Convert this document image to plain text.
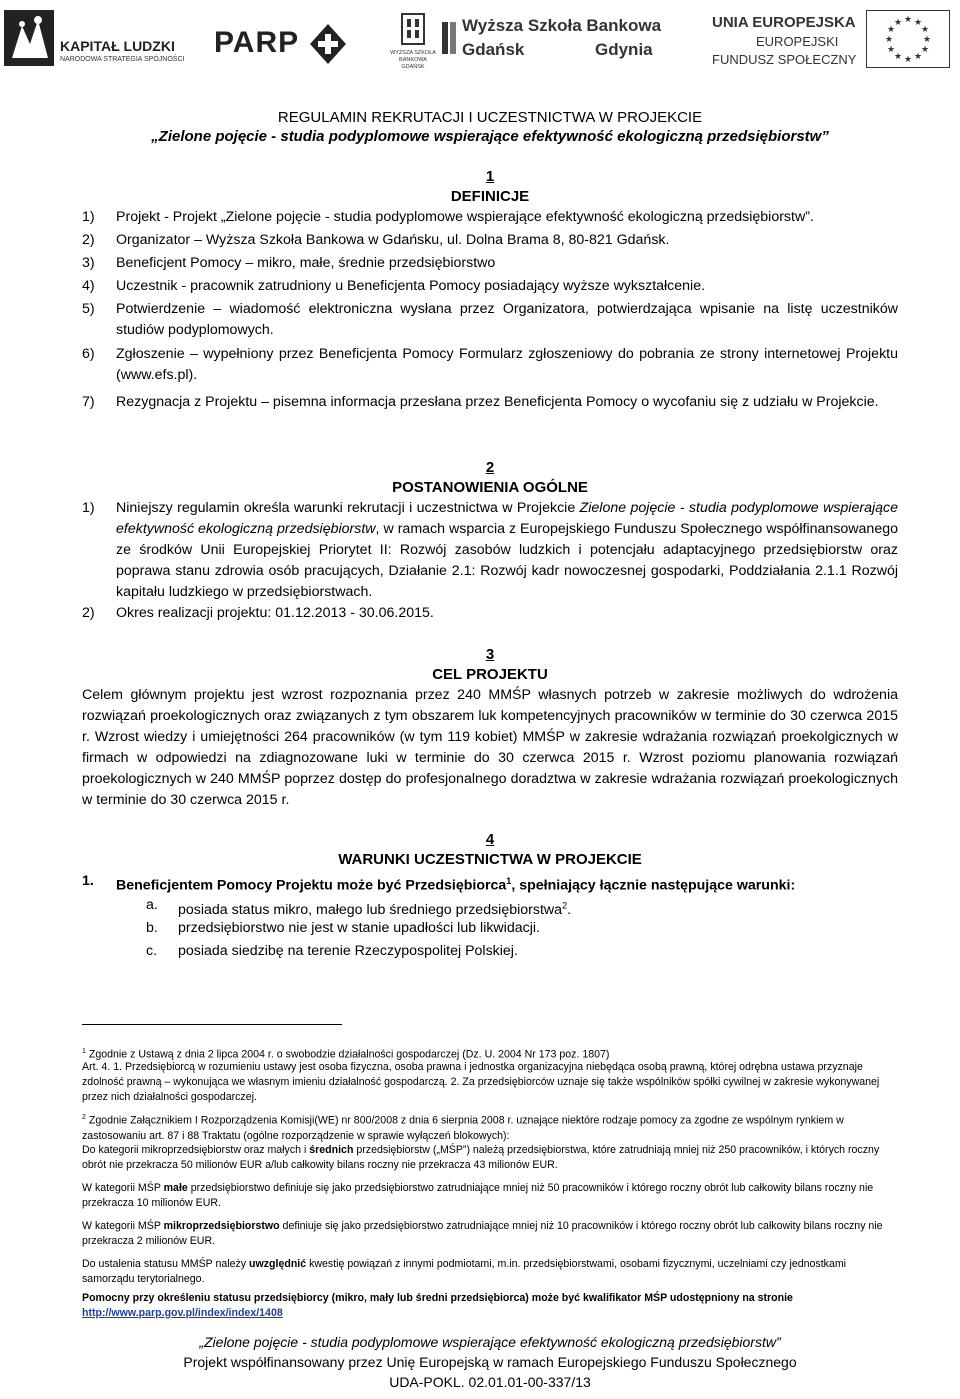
KAPITAŁ LUDZKI
NARODOWA STRATEGIA SPÓJNOŚCI
PARP	WYŻSZA SZKOŁA BANKOWA GDAŃSK
Wyższa Szkoła Bankowa
Gdańsk	Gdynia
UNIA EUROPEJSKA
EUROPEJSKI
FUNDUSZ SPOŁECZNY
★ ★
★
★
★
★
★
★
★
★
★
★
REGULAMIN REKRUTACJI I UCZESTNICTWA W PROJEKCIE
„Zielone pojęcie - studia podyplomowe wspierające efektywność ekologiczną przedsiębiorstw”
1
DEFINICJE
1) Projekt - Projekt „Zielone pojęcie - studia podyplomowe wspierające efektywność ekologiczną przedsiębiorstw”.
2) Organizator – Wyższa Szkoła Bankowa w Gdańsku, ul. Dolna Brama 8, 80-821 Gdańsk.
3) Beneficjent Pomocy – mikro, małe, średnie przedsiębiorstwo
4) Uczestnik - pracownik zatrudniony u Beneficjenta Pomocy posiadający wyższe wykształcenie.
5) Potwierdzenie – wiadomość elektroniczna wysłana przez Organizatora, potwierdzająca wpisanie na listę uczestników studiów podyplomowych.
6) Zgłoszenie – wypełniony przez Beneficjenta Pomocy Formularz zgłoszeniowy do pobrania ze strony internetowej Projektu (www.efs.pl).
7) Rezygnacja z Projektu – pisemna informacja przesłana przez Beneficjenta Pomocy o wycofaniu się z udziału w Projekcie.
2
POSTANOWIENIA OGÓLNE
1) Niniejszy regulamin określa warunki rekrutacji i uczestnictwa w Projekcie Zielone pojęcie - studia podyplomowe wspierające efektywność ekologiczną przedsiębiorstw, w ramach wsparcia z Europejskiego Funduszu Społecznego współfinansowanego ze środków Unii Europejskiej Priorytet II: Rozwój zasobów ludzkich i potencjału adaptacyjnego przedsiębiorstw oraz poprawa stanu zdrowia osób pracujących, Działanie 2.1: Rozwój kadr nowoczesnej gospodarki, Poddziałania 2.1.1 Rozwój kapitału ludzkiego w przedsiębiorstwach.
2) Okres realizacji projektu: 01.12.2013 - 30.06.2015.
3
CEL PROJEKTU
Celem głównym projektu jest wzrost rozpoznania przez 240 MMŚP własnych potrzeb w zakresie możliwych do wdrożenia rozwiązań proekologicznych oraz związanych z tym obszarem luk kompetencyjnych pracowników w terminie do 30 czerwca 2015 r. Wzrost wiedzy i umiejętności 264 pracowników (w tym 119 kobiet) MMŚP w zakresie wdrażania rozwiązań proekolgicznych w firmach w odpowiedzi na zdiagnozowane luki w terminie do 30 czerwca 2015 r. Wzrost poziomu planowania rozwiązań proekologicznych w 240 MMŚP poprzez dostęp do profesjonalnego doradztwa w zakresie wdrażania rozwiązań proekologicznych w terminie do 30 czerwca 2015 r.
4
WARUNKI UCZESTNICTWA W PROJEKCIE
1. Beneficjentem Pomocy Projektu może być Przedsiębiorca$^1$, spełniający łącznie następujące warunki:
a. posiada status mikro, małego lub średniego przedsiębiorstwa$^2$.
b. przedsiębiorstwo nie jest w stanie upadłości lub likwidacji.
c. posiada siedzibę na terenie Rzeczypospolitej Polskiej.
$^1$ Zgodnie z Ustawą z dnia 2 lipca 2004 r. o swobodzie działalności gospodarczej (Dz. U. 2004 Nr 173 poz. 1807)
Art. 4. 1. Przedsiębiorcą w rozumieniu ustawy jest osoba fizyczna, osoba prawna i jednostka organizacyjna niebędąca osobą prawną, której odrębna ustawa przyznaje zdolność prawną – wykonująca we własnym imieniu działalność gospodarczą. 2. Za przedsiębiorców uznaje się także wspólników spółki cywilnej w zakresie wykonywanej przez nich działalności gospodarczej.
$^2$ Zgodnie Załącznikiem I Rozporządzenia Komisji(WE) nr 800/2008 z dnia 6 sierpnia 2008 r. uznające niektóre rodzaje pomocy za zgodne ze wspólnym rynkiem w zastosowaniu art. 87 i 88 Traktatu (ogólne rozporządzenie w sprawie wyłączeń blokowych):
Do kategorii mikroprzedsiębiorstw oraz małych i średnich przedsiębiorstw („MŚP”) należą przedsiębiorstwa, które zatrudniają mniej niż 250 pracowników, i których roczny obrót nie przekracza 50 milionów EUR a/lub całkowity bilans roczny nie przekracza 43 milionów EUR.
W kategorii MŚP małe przedsiębiorstwo definiuje się jako przedsiębiorstwo zatrudniające mniej niż 50 pracowników i którego roczny obrót lub całkowity bilans roczny nie przekracza 10 milionów EUR.
W kategorii MŚP mikroprzedsiębiorstwo definiuje się jako przedsiębiorstwo zatrudniające mniej niż 10 pracowników i którego roczny obrót lub całkowity bilans roczny nie przekracza 2 milionów EUR.
Do ustalenia statusu MMŚP należy uwzględnić kwestię powiązań z innymi podmiotami, m.in. przedsiębiorstwami, osobami fizycznymi, uczelniami czy jednostkami samorządu terytorialnego.
Pomocny przy określeniu statusu przedsiębiorcy (mikro, mały lub średni przedsiębiorca) może być kwalifikator MŚP udostępniony na stronie
http://www.parp.gov.pl/index/index/1408
„Zielone pojęcie - studia podyplomowe wspierające efektywność ekologiczną przedsiębiorstw”
Projekt współfinansowany przez Unię Europejską w ramach Europejskiego Funduszu Społecznego
UDA-POKL. 02.01.01-00-337/13
